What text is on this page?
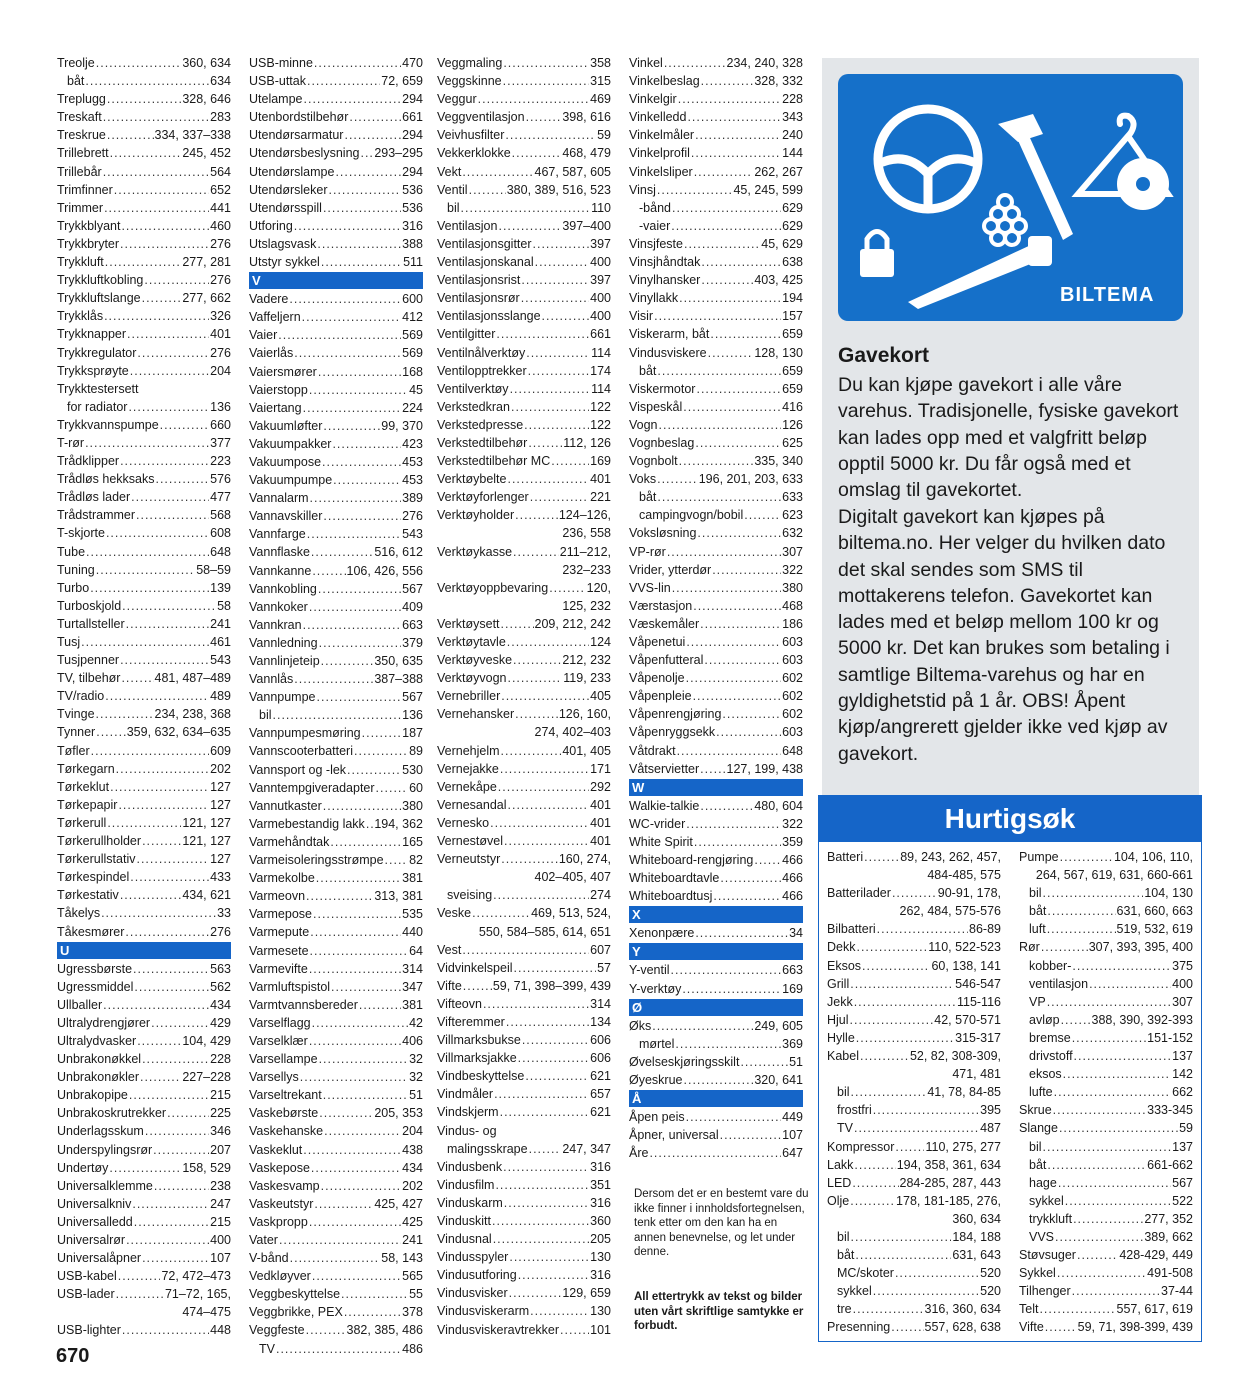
Treolje .....	360, 634
båt .....	634
Treplugg .....	328, 646
Treskaft .....	283
Treskrue .....	334, 337–338
Trillebrett .....	245, 452
Trillebår .....	564
Trimfinner .....	652
Trimmer .....	441
Trykkblyant .....	460
Trykkbryter .....	276
Trykkluft .....	277, 281
Trykkluftkobling .....	276
Trykkluftslange .....	277, 662
Trykklås .....	326
Trykknapper .....	401
Trykkregulator .....	276
Trykksprøyte .....	204
Trykktestersett
for radiator .....	136
Trykkvannspumpe .....	660
T-rør .....	377
Trådklipper .....	223
Trådløs hekksaks .....	576
Trådløs lader .....	477
Trådstrammer .....	568
T-skjorte .....	608
Tube .....	648
Tuning .....	58–59
Turbo .....	139
Turboskjold .....	58
Turtallsteller .....	241
Tusj .....	461
Tusjpenner .....	543
TV, tilbehør .....	481, 487–489
TV/radio .....	489
Tvinge .....	234, 238, 368
Tynner .....	359, 632, 634–635
Tøfler .....	609
Tørkegarn .....	202
Tørkeklut .....	127
Tørkepapir .....	127
Tørkerull .....	121, 127
Tørkerullholder .....	121, 127
Tørkerullstativ .....	127
Tørkespindel .....	433
Tørkestativ .....	434, 621
Tåkelys .....	33
Tåkesmører .....	276
U
Ugressbørste .....	563
Ugressmiddel .....	562
Ullballer .....	434
Ultralydrengjører .....	429
Ultralydvasker .....	104, 429
Unbrakonøkkel .....	228
Unbrakonøkler .....	227–228
Unbrakopipe .....	215
Unbrakoskrutrekker .....	225
Underlagsskum .....	346
Underspylingsrør .....	207
Undertøy .....	158, 529
Universalklemme .....	238
Universalkniv .....	247
Universalledd .....	215
Universalrør .....	400
Universalåpner .....	107
USB-kabel .....	72, 472–473
USB-lader .....	71–72, 165,
474–475
USB-lighter .....	448
USB-minne .....	470
USB-uttak .....	72, 659
Utelampe .....	294
Utenbordstilbehør .....	661
Utendørsarmatur .....	294
Utendørsbeslysning ..... 293–295
Utendørslampe .....	294
Utendørsleker .....	536
Utendørsspill .....	536
Utforing .....	316
Utslagsvask .....	388
Utstyr sykkel .....	511
V
Vadere .....	600
Vaffeljern .....	412
Vaier .....	569
Vaierlås .....	569
Vaiersmører .....	168
Vaierstopp .....	45
Vaiertang .....	224
Vakuumløfter .....	99, 370
Vakuumpakker .....	423
Vakuumpose .....	453
Vakuumpumpe .....	453
Vannalarm .....	389
Vannavskiller .....	276
Vannfarge .....	543
Vannflaske .....	516, 612
Vannkanne .....	106, 426, 556
Vannkobling .....	567
Vannkoker .....	409
Vannkran .....	663
Vannledning .....	379
Vannlinjeteip .....	350, 635
Vannlås .....	387–388
Vannpumpe .....	567
bil .....	136
Vannpumpesmøring .....	187
Vannscooterbatteri .....	89
Vannsport og -lek .....	530
Vanntempgiveradapter .....	60
Vannutkaster .....	380
Varmebestandig lakk ..... 194, 362
Varmehåndtak .....	165
Varmeisoleringsstrømpe ..... 82
Varmekolbe .....	381
Varmeovn .....	313, 381
Varmepose .....	535
Varmepute .....	440
Varmesete .....	64
Varmevifte .....	314
Varmluftspistol .....	347
Varmtvannsbereder .....	381
Varselflagg .....	42
Varselklær .....	406
Varsellampe .....	32
Varsellys .....	32
Varseltrekant .....	51
Vaskebørste .....	205, 353
Vaskehanske .....	204
Vaskeklut .....	438
Vaskepose .....	434
Vaskesvamp .....	202
Vaskeutstyr .....	425, 427
Vaskpropp .....	425
Vater .....	241
V-bånd .....	58, 143
Vedkløyver .....	565
Veggbeskyttelse .....	55
Veggbrikke, PEX .....	378
Veggfeste .....	382, 385, 486
TV .....	486
Veggmaling .....	358
Veggskinne .....	315
Veggur .....	469
Veggventilasjon .....	398, 616
Veivhusfilter .....	59
Vekkerklokke .....	468, 479
Vekt .....	467, 587, 605
Ventil .....	380, 389, 516, 523
bil .....	110
Ventilasjon .....	397–400
Ventilasjonsgitter .....	397
Ventilasjonskanal .....	400
Ventilasjonsrist .....	397
Ventilasjonsrør .....	400
Ventilasjonsslange .....	400
Ventilgitter .....	661
Ventilnålverktøy .....	114
Ventilopptrekker .....	174
Ventilverktøy .....	114
Verkstedkran .....	122
Verkstedpresse .....	122
Verkstedtilbehør .....	112, 126
Verkstedtilbehør MC .....	169
Verktøybelte .....	401
Verktøyforlenger .....	221
Verktøyholder .....	124–126,
236, 558
Verktøykasse .....	211–212,
232–233
Verktøyoppbevaring .....	120,
125, 232
Verktøysett .....	209, 212, 242
Verktøytavle .....	124
Verktøyveske .....	212, 232
Verktøyvogn .....	119, 233
Vernebriller .....	405
Vernehansker .....	126, 160,
274, 402–403
Vernehjelm .....	401, 405
Vernejakke .....	171
Vernekåpe .....	292
Vernesandal .....	401
Vernesko .....	401
Vernestøvel .....	401
Verneutstyr .....	160, 274,
402–405, 407
sveising .....	274
Veske .....	469, 513, 524,
550, 584–585, 614, 651
Vest .....	607
Vidvinkelspeil .....	57
Vifte ..... 59, 71, 398–399, 439
Vifteovn .....	314
Vifteremmer .....	134
Villmarksbukse .....	606
Villmarksjakke .....	606
Vindbeskyttelse .....	621
Vindmåler .....	657
Vindskjerm .....	621
Vindus- og
malingsskrape .....	247, 347
Vindusbenk .....	316
Vindusfilm .....	351
Vinduskarm .....	316
Vinduskitt .....	360
Vindusnal .....	205
Vindusspyler .....	130
Vindusutforing .....	316
Vindusvisker .....	129, 659
Vindusviskerarm .....	130
Vindusviskeravtrekker ..... 101
Vinkel .....	234, 240, 328
Vinkelbeslag .....	328, 332
Vinkelgir .....	228
Vinkelledd .....	343
Vinkelmåler .....	240
Vinkelprofil .....	144
Vinkelsliper .....	262, 267
Vinsj .....	45, 245, 599
-bånd .....	629
-vaier .....	629
Vinsjfeste .....	45, 629
Vinsjhåndtak .....	638
Vinylhansker .....	403, 425
Vinyllakk .....	194
Visir .....	157
Viskerarm, båt .....	659
Vindusviskere .....	128, 130
båt .....	659
Viskermotor .....	659
Vispeskål .....	416
Vogn .....	126
Vognbeslag .....	625
Vognbolt .....	335, 340
Voks .....	196, 201, 203, 633
båt .....	633
campingvogn/bobil .....	623
Voksløsning .....	632
VP-rør .....	307
Vrider, ytterdør .....	322
VVS-lin .....	380
Værstasjon .....	468
Væskemåler .....	186
Våpenetui .....	603
Våpenfutteral .....	603
Våpenolje .....	602
Våpenpleie .....	602
Våpenrengjøring .....	602
Våpenryggsekk .....	603
Våtdrakt .....	648
Våtservietter ..... 127, 199, 438
W
Walkie-talkie .....	480, 604
WC-vrider .....	322
White Spirit .....	359
Whiteboard-rengjøring ..... 466
Whiteboardtavle .....	466
Whiteboardtusj .....	466
X
Xenonpære .....	34
Y
Y-ventil .....	663
Y-verktøy .....	169
Ø
Øks .....	249, 605
mørtel .....	369
Øvelseskjøringsskilt .....	51
Øyeskrue .....	320, 641
Å
Åpen peis .....	449
Åpner, universal .....	107
Åre .....	647
670
BILTEMA
Gavekort

Du kan kjøpe gavekort i alle våre varehus. Tradisjonelle, fysiske gavekort kan lades opp med et valgfritt beløp opptil 5000 kr. Du får også med et omslag til gavekortet.

Digitalt gavekort kan kjøpes på biltema.no. Her velger du hvilken dato det skal sendes som SMS til mottakerens telefon. Gavekortet kan lades med et beløp mellom 100 kr og 5000 kr. Det kan brukes som betaling i samtlige Biltema-varehus og har en gyldighetstid på 1 år. OBS! Åpent kjøp/angrerett gjelder ikke ved kjøp av gavekort.

Hurtigsøk
Batteri .....	89, 243, 262, 457,
484-485, 575
Batterilader .....	90-91, 178,
262, 484, 575-576
Bilbatteri .....	86-89
Dekk .....	110, 522-523
Eksos .....	60, 138, 141
Grill .....	546-547
Jekk .....	115-116
Hjul .....	42, 570-571
Hylle .....	315-317
Kabel .....	52, 82, 308-309,
471, 481
bil .....	41, 78, 84-85
frostfri .....	395
TV .....	487
Kompressor ..... 110, 275, 277
Lakk .....	194, 358, 361, 634
LED .....	284-285, 287, 443
Olje .....	178, 181-185, 276,
360, 634
bil .....	184, 188
båt .....	631, 643
MC/skoter .....	520
sykkel .....	520
tre .....	316, 360, 634
Presenning .....	557, 628, 638
Pumpe .....	104, 106, 110,
264, 567, 619, 631, 660-661
bil .....	104, 130
båt .....	631, 660, 663
luft .....	519, 532, 619
Rør .....	307, 393, 395, 400
kobber- .....	375
ventilasjon .....	400
VP .....	307
avløp .....	388, 390, 392-393
bremse .....	151-152
drivstoff .....	137
eksos .....	142
lufte .....	662
Skrue .....	333-345
Slange .....	59
bil .....	137
båt .....	661-662
hage .....	567
sykkel .....	522
trykkluft .....	277, 352
VVS .....	389, 662
Støvsuger .....	428-429, 449
Sykkel .....	491-508
Tilhenger .....	37-44
Telt .....	557, 617, 619
Vifte .....	59, 71, 398-399, 439
Dersom det er en bestemt vare du ikke finner i innholdsfortegnelsen, tenk etter om den kan ha en annen benevnelse, og let under denne.
All ettertrykk av tekst og bilder uten vårt skriftlige samtykke er forbudt.
